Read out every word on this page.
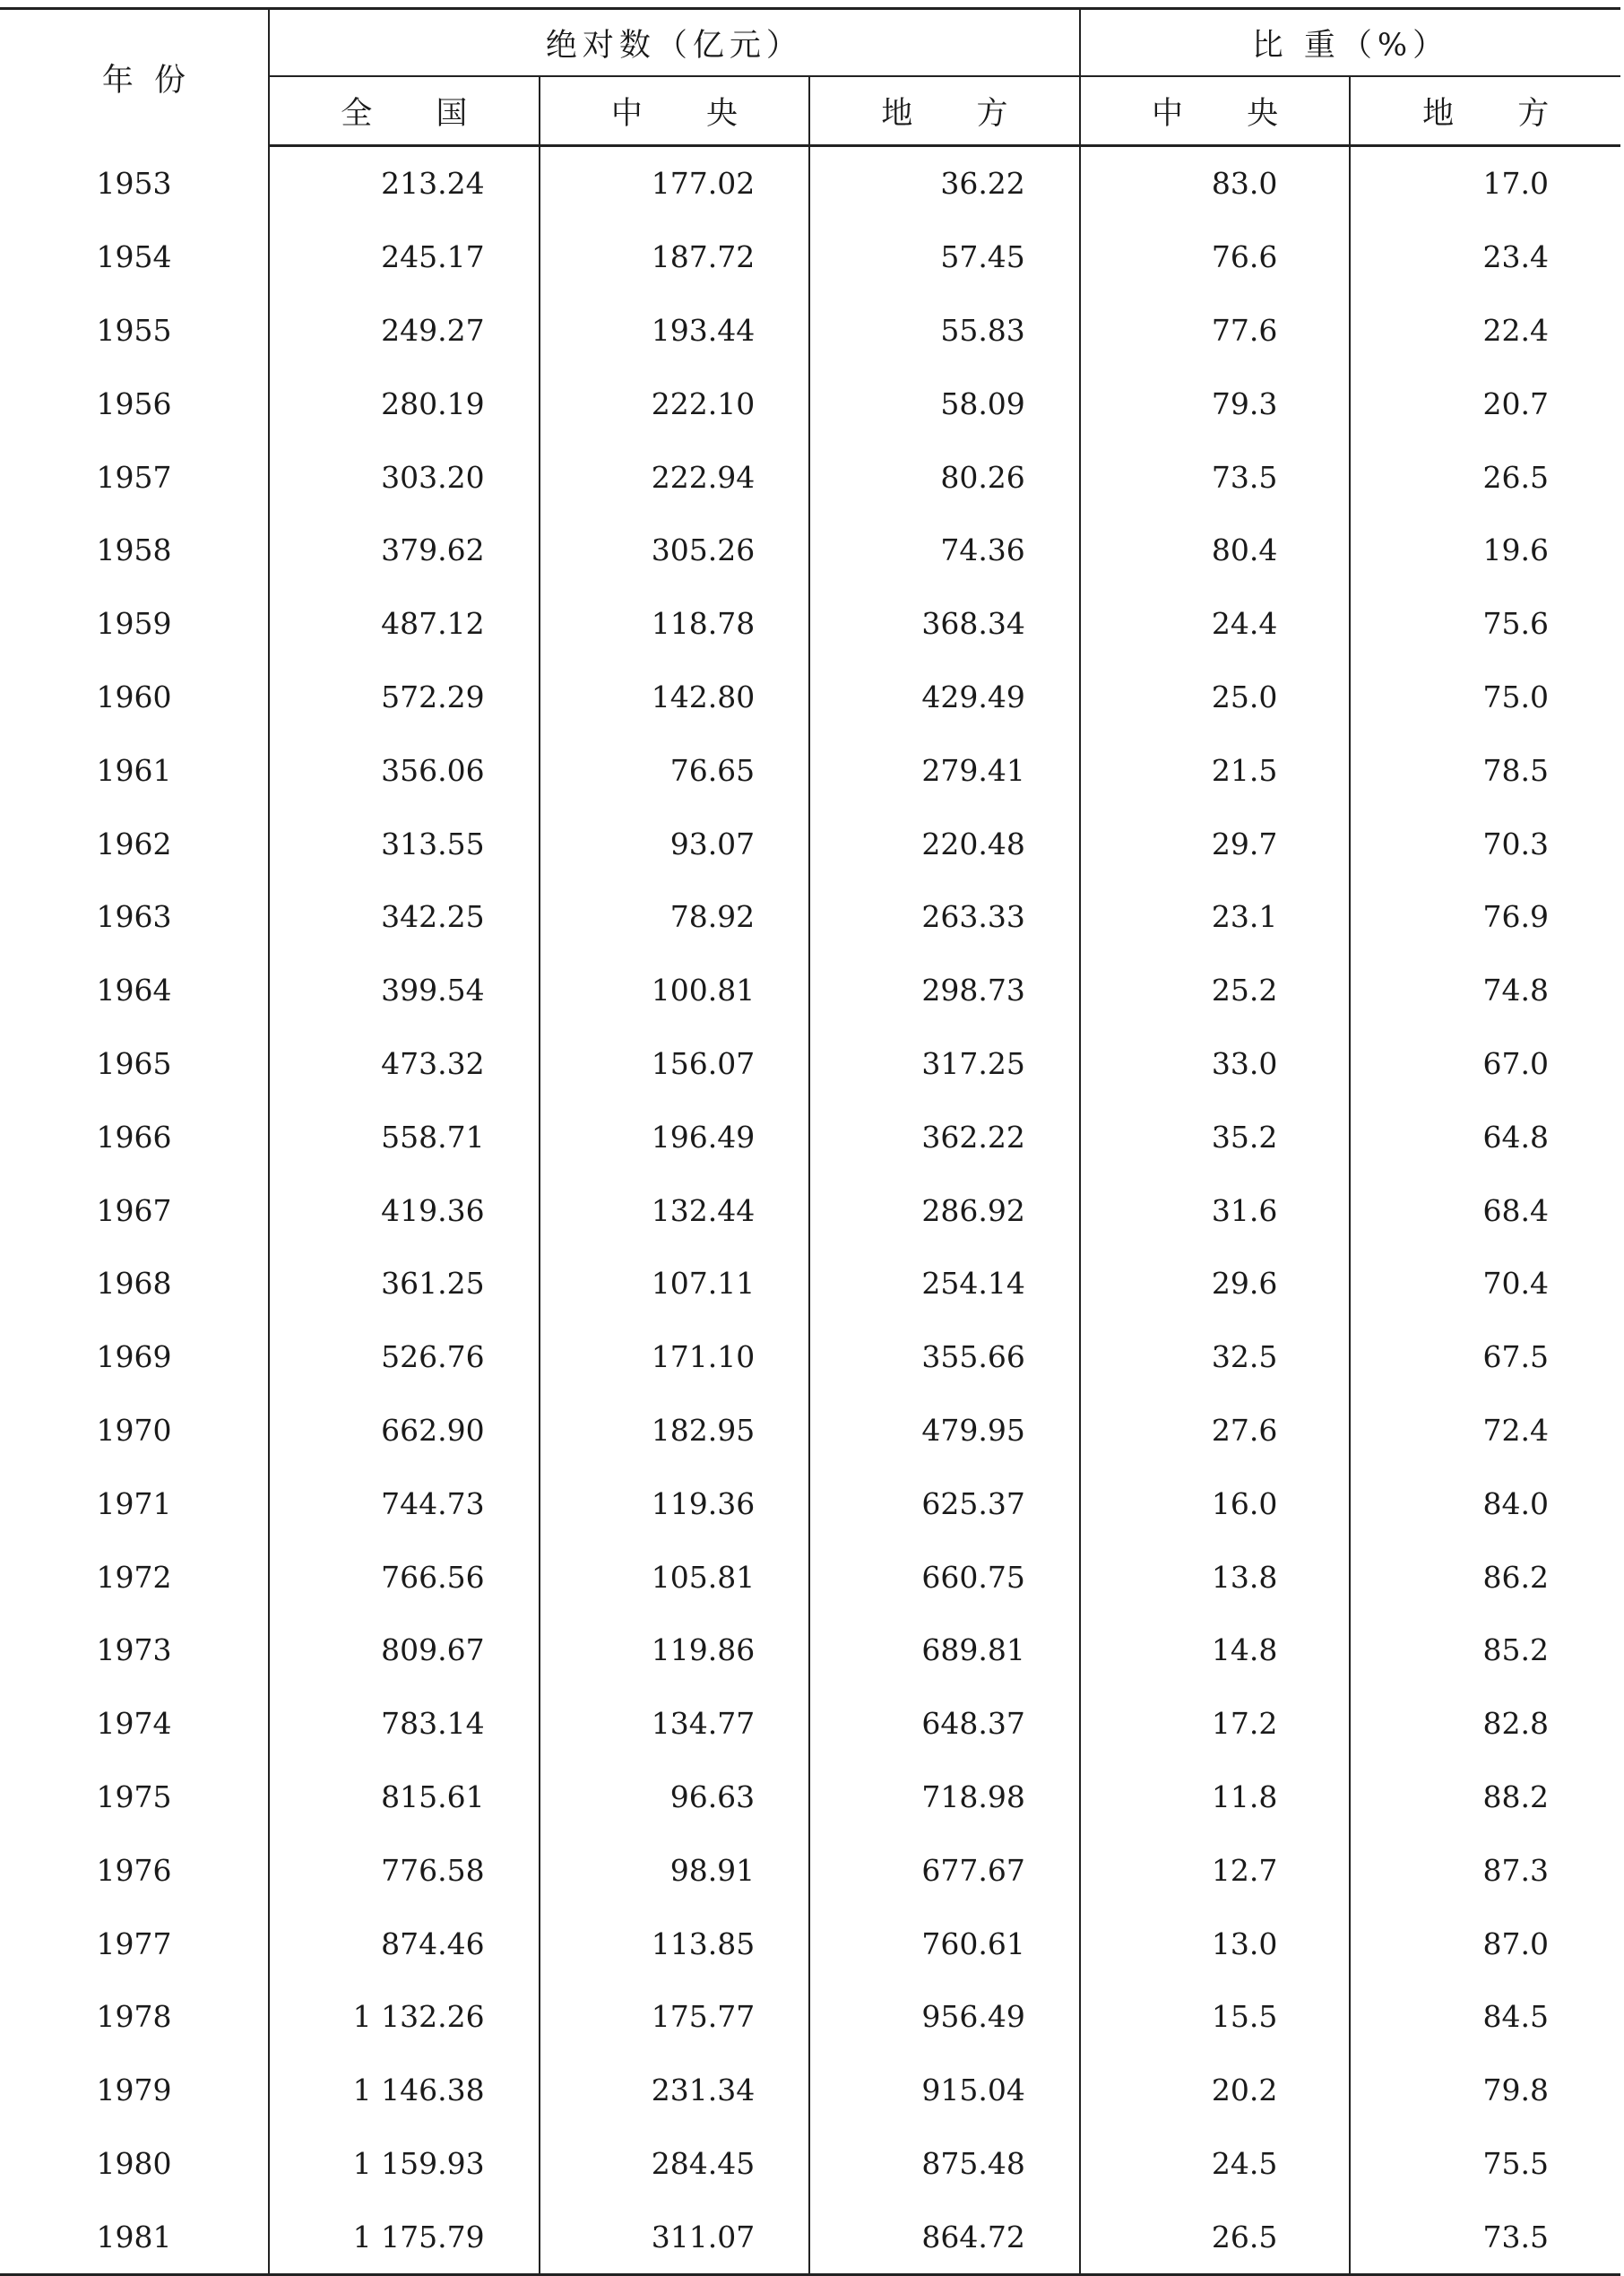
年 份	绝对数（亿元）			比 重（%）	
	全 国	中 央	地 方	中 央	地 方
1953	213.24	177.02	36.22	83.0	17.0
1954	245.17	187.72	57.45	76.6	23.4
1955	249.27	193.44	55.83	77.6	22.4
1956	280.19	222.10	58.09	79.3	20.7
1957	303.20	222.94	80.26	73.5	26.5
1958	379.62	305.26	74.36	80.4	19.6
1959	487.12	118.78	368.34	24.4	75.6
1960	572.29	142.80	429.49	25.0	75.0
1961	356.06	76.65	279.41	21.5	78.5
1962	313.55	93.07	220.48	29.7	70.3
1963	342.25	78.92	263.33	23.1	76.9
1964	399.54	100.81	298.73	25.2	74.8
1965	473.32	156.07	317.25	33.0	67.0
1966	558.71	196.49	362.22	35.2	64.8
1967	419.36	132.44	286.92	31.6	68.4
1968	361.25	107.11	254.14	29.6	70.4
1969	526.76	171.10	355.66	32.5	67.5
1970	662.90	182.95	479.95	27.6	72.4
1971	744.73	119.36	625.37	16.0	84.0
1972	766.56	105.81	660.75	13.8	86.2
1973	809.67	119.86	689.81	14.8	85.2
1974	783.14	134.77	648.37	17.2	82.8
1975	815.61	96.63	718.98	11.8	88.2
1976	776.58	98.91	677.67	12.7	87.3
1977	874.46	113.85	760.61	13.0	87.0
1978	1 132.26	175.77	956.49	15.5	84.5
1979	1 146.38	231.34	915.04	20.2	79.8
1980	1 159.93	284.45	875.48	24.5	75.5
1981	1 175.79	311.07	864.72	26.5	73.5
